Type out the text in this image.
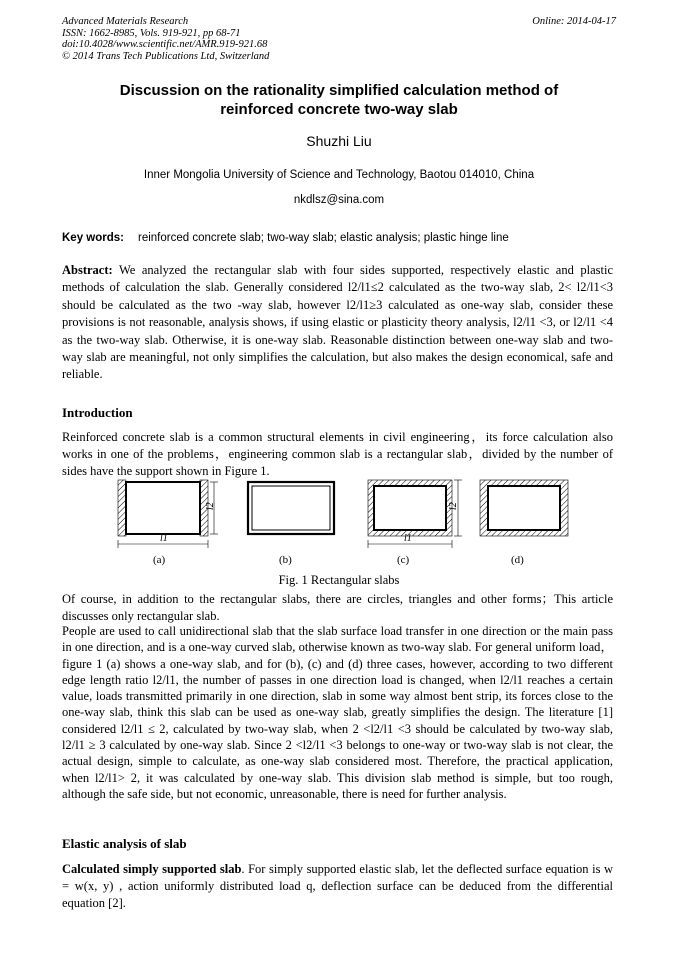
Advanced Materials Research
ISSN: 1662-8985, Vols. 919-921, pp 68-71
doi:10.4028/www.scientific.net/AMR.919-921.68
© 2014 Trans Tech Publications Ltd, Switzerland
Online: 2014-04-17
Discussion on the rationality simplified calculation method of
reinforced concrete two-way slab
Shuzhi Liu
Inner Mongolia University of Science and Technology, Baotou 014010, China
nkdlsz@sina.com
Key words: reinforced concrete slab; two-way slab; elastic analysis; plastic hinge line

Abstract: We analyzed the rectangular slab with four sides supported, respectively elastic and plastic methods of calculation the slab. Generally considered l2/l1≤2 calculated as the two-way slab, 2< l2/l1<3 should be calculated as the two -way slab, however l2/l1≥3 calculated as one-way slab, consider these provisions is not reasonable, analysis shows, if using elastic or plasticity theory analysis, l2/l1 <3, or l2/l1 <4 as the two-way slab. Otherwise, it is one-way slab. Reasonable distinction between one-way slab and two-way slab are meaningful, not only simplifies the calculation, but also makes the design economical, safe and reliable.

Introduction

Reinforced concrete slab is a common structural elements in civil engineering，its force calculation also works in one of the problems，engineering common slab is a rectangular slab，divided by the number of sides have the support shown in Figure 1.

l1
l2
l1
l2
(a)	(b)	(c)	(d)
Fig. 1 Rectangular slabs

Of course, in addition to the rectangular slabs, there are circles, triangles and other forms；This article discusses only rectangular slab.

People are used to call unidirectional slab that the slab surface load transfer in one direction or the main pass in one direction, and is a one-way curved slab, otherwise known as two-way slab. For general uniform load，figure 1 (a) shows a one-way slab, and for (b), (c) and (d) three cases, however, according to two different edge length ratio l2/l1, the number of passes in one direction load is changed, when l2/l1 reaches a certain value, loads transmitted primarily in one direction, slab in some way almost bent strip, its forces close to the one-way slab, think this slab can be used as one-way slab, greatly simplifies the design. The literature [1] considered l2/l1 ≤ 2, calculated by two-way slab, when 2 <l2/l1 <3 should be calculated by two-way slab, l2/l1 ≥ 3 calculated by one-way slab. Since 2 <l2/l1 <3 belongs to one-way or two-way slab is not clear, the actual design, simple to calculate, as one-way slab considered most. Therefore, the practical application, when l2/l1> 2, it was calculated by one-way slab. This division slab method is simple, but too rough, although the safe side, but not economic, unreasonable, there is need for further analysis.

Elastic analysis of slab

Calculated simply supported slab. For simply supported elastic slab, let the deflected surface equation is w = w(x, y) , action uniformly distributed load q, deflection surface can be deduced from the differential equation [2].
